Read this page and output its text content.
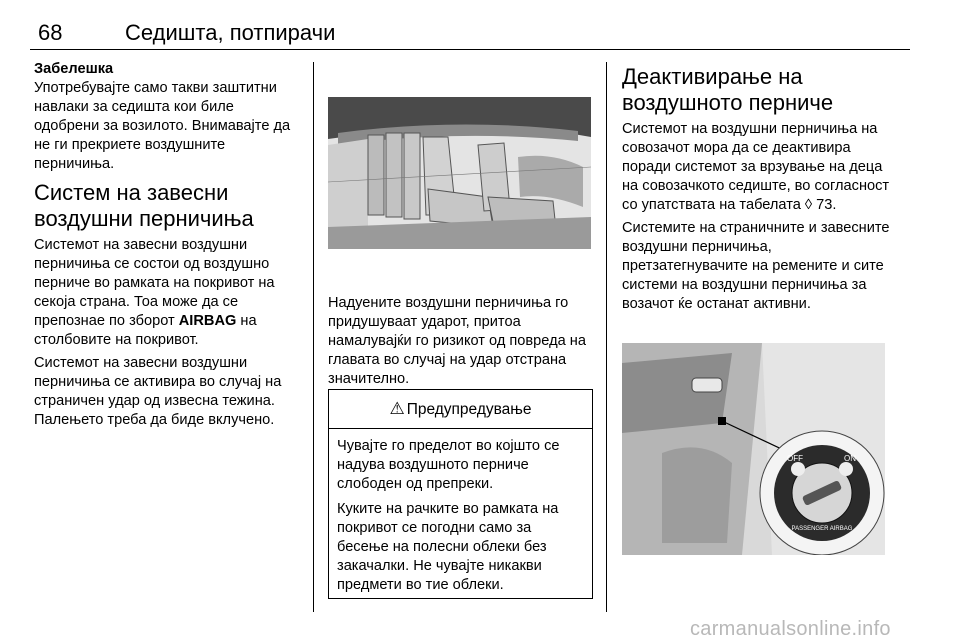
68	Седишта, потпирачи
Забелешка

Употребувајте само такви заштитни навлаки за седишта кои биле одобрени за возилото. Внимавајте да не ги прекриете воздушните перничиња.

Систем на завесни воздушни перничиња

Системот на завесни воздушни перничиња се состои од воздушно перниче во рамката на покривот на секоја страна. Тоа може да се препознае по зборот AIRBAG на столбовите на покривот.

Системот на завесни воздушни перничиња се активира во случај на страничен удар од извесна тежина. Палењето треба да биде вклучено.

Надуените воздушни перничиња го придушуваат ударот, притоа намалувајќи го ризикот од повреда на главата во случај на удар отстрана значително.

⚠ Предупредување

Чувајте го пределот во којшто се надува воздушното перниче слободен од препреки.

Куките на рачките во рамката на покривот се погодни само за бесење на полесни облеки без закачалки. Не чувајте никакви предмети во тие облеки.

Деактивирање на воздушното перниче

Системот на воздушни перничиња на совозачот мора да се деактивира поради системот за врзување на деца на совозачкото седиште, во согласност со упатствата на табелата ◊ 73.

Системите на страничните и завесните воздушни перничиња, претзатегнувачите на ремените и сите системи на воздушни перничиња за возачот ќе останат активни.

OFF	ON
PASSENGER AIRBAG
carmanualsonline.info
